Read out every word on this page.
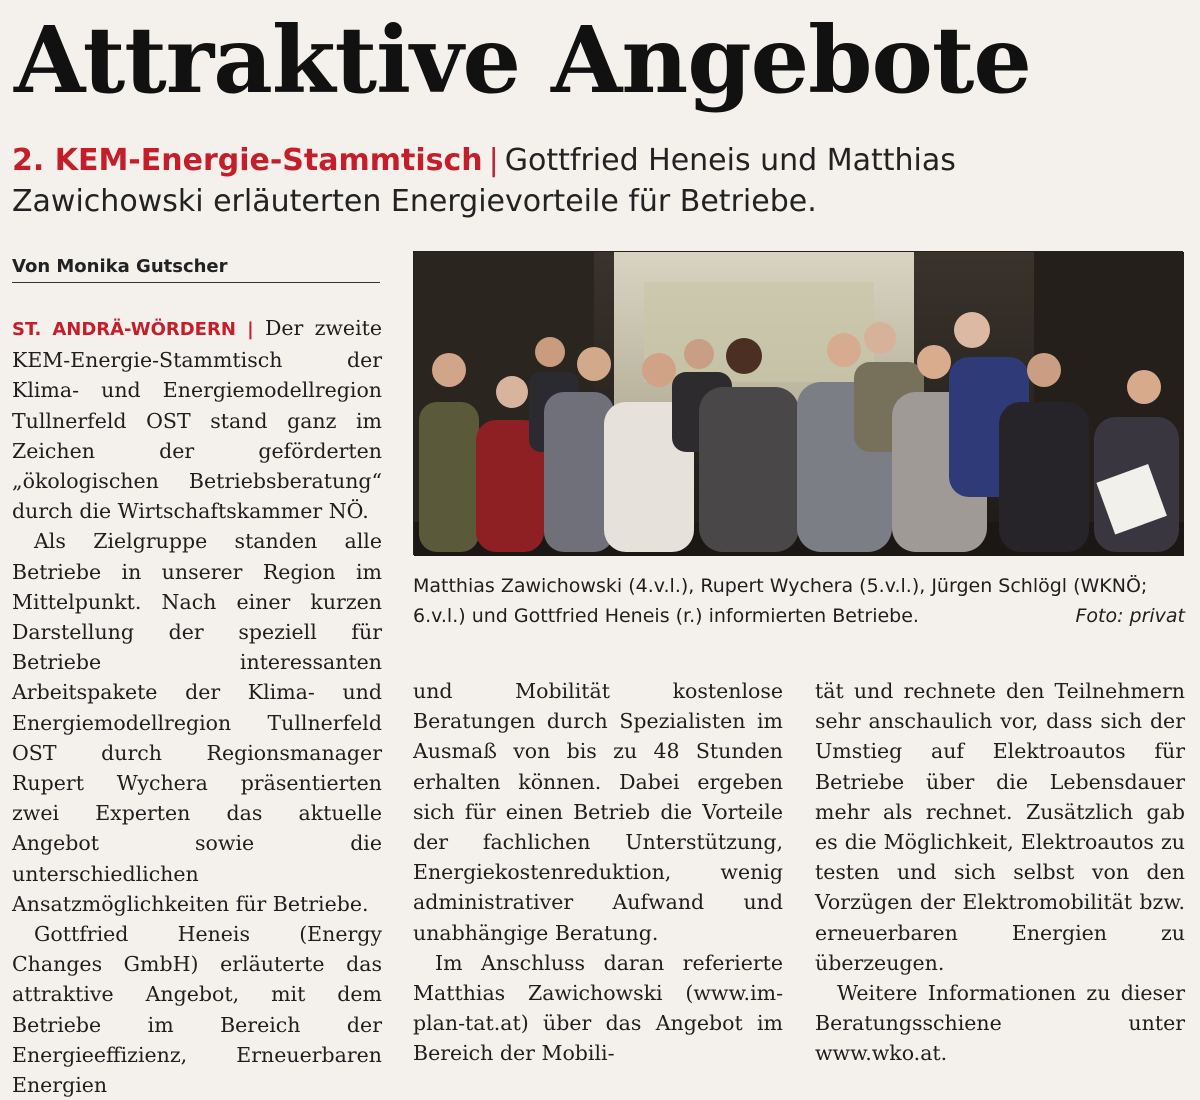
Attraktive Angebote
2. KEM-Energie-Stammtisch | Gottfried Heneis und Matthias Zawichowski erläuterten Energievorteile für Betriebe.
Von Monika Gutscher

ST. ANDRÄ-WÖRDERN | Der zweite KEM-Energie-Stammtisch der Klima- und Energiemodellregion Tullnerfeld OST stand ganz im Zeichen der geförderten „ökologischen Betriebsberatung“ durch die Wirtschaftskammer NÖ.

Als Zielgruppe standen alle Betriebe in unserer Region im Mittelpunkt. Nach einer kurzen Darstellung der speziell für Betriebe interessanten Arbeitspakete der Klima- und Energiemodellregion Tullnerfeld OST durch Regionsmanager Rupert Wychera präsentierten zwei Experten das aktuelle Angebot sowie die unterschiedlichen Ansatzmöglichkeiten für Betriebe.

Gottfried Heneis (Energy Changes GmbH) erläuterte das attraktive Angebot, mit dem Betriebe im Bereich der Energieeffizienz, Erneuerbaren Energien

Matthias Zawichowski (4.v.l.), Rupert Wychera (5.v.l.), Jürgen Schlögl (WKNÖ; 6.v.l.) und Gottfried Heneis (r.) informierten Betriebe.	Foto: privat

und Mobilität kostenlose Beratungen durch Spezialisten im Ausmaß von bis zu 48 Stunden erhalten können. Dabei ergeben sich für einen Betrieb die Vorteile der fachlichen Unterstützung, Energiekostenreduktion, wenig administrativer Aufwand und unabhängige Beratung.

Im Anschluss daran referierte Matthias Zawichowski (www.im-plan-tat.at) über das Angebot im Bereich der Mobili-

tät und rechnete den Teilnehmern sehr anschaulich vor, dass sich der Umstieg auf Elektroautos für Betriebe über die Lebensdauer mehr als rechnet. Zusätzlich gab es die Möglichkeit, Elektroautos zu testen und sich selbst von den Vorzügen der Elektromobilität bzw. erneuerbaren Energien zu überzeugen.

Weitere Informationen zu dieser Beratungsschiene unter www.wko.at.
